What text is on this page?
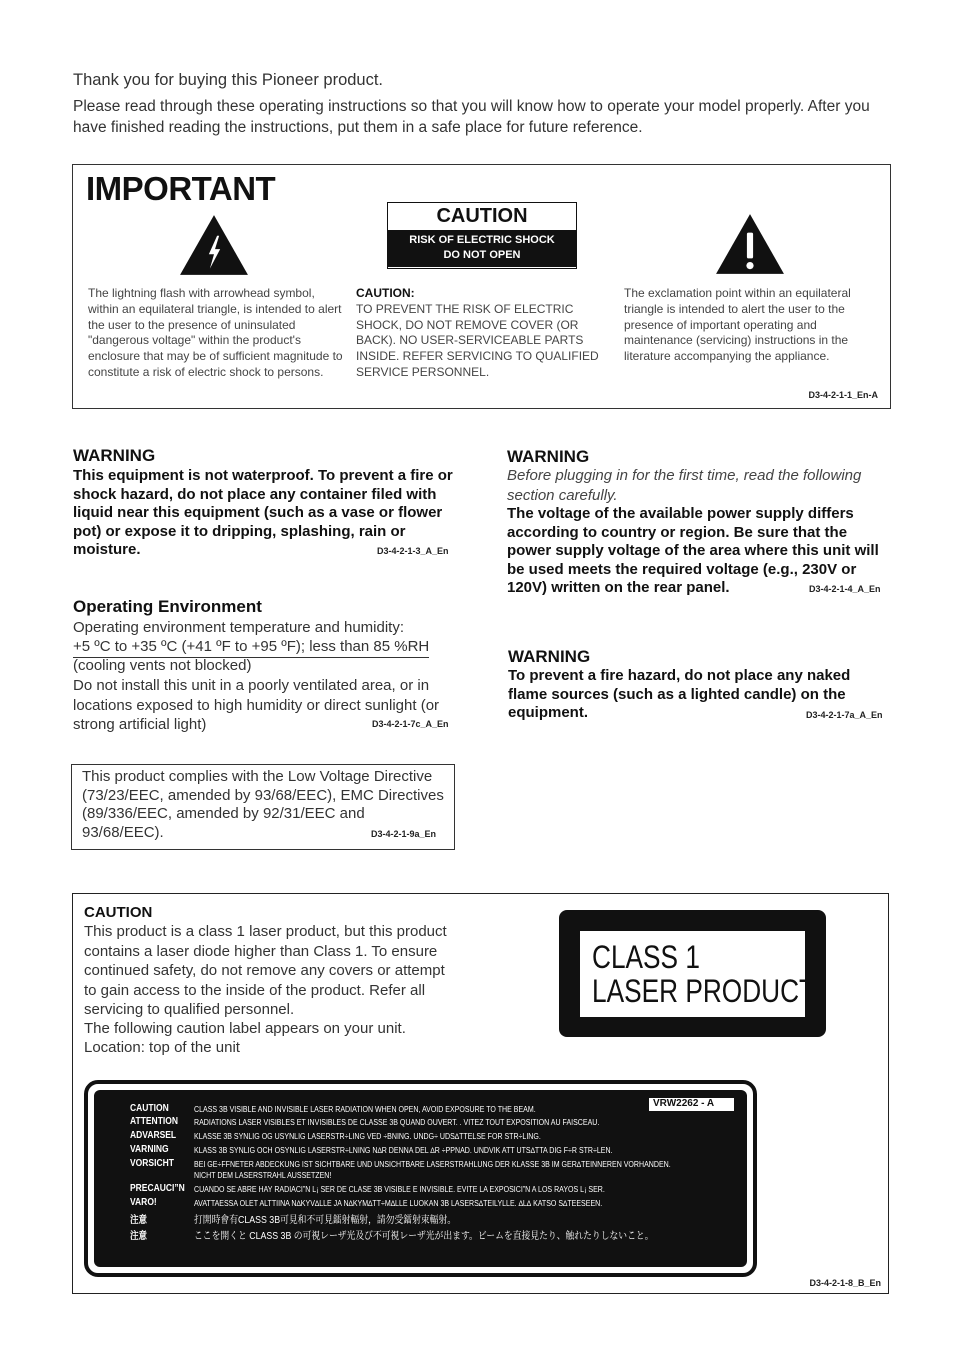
Thank you for buying this Pioneer product.
Please read through these operating instructions so that you will know how to operate your model properly. After you have finished reading the instructions, put them in a safe place for future reference.
IMPORTANT
CAUTION
RISK OF ELECTRIC SHOCK
DO NOT OPEN
The lightning flash with arrowhead symbol, within an equilateral triangle, is intended to alert the user to the presence of uninsulated "dangerous voltage" within the product's enclosure that may be of sufficient magnitude to constitute a risk of electric shock to persons.
CAUTION:
TO PREVENT THE RISK OF ELECTRIC SHOCK, DO NOT REMOVE COVER (OR BACK). NO USER-SERVICEABLE PARTS INSIDE. REFER SERVICING TO QUALIFIED SERVICE PERSONNEL.
The exclamation point within an equilateral triangle is intended to alert the user to the presence of important operating and maintenance (servicing) instructions in the literature accompanying the appliance.
D3-4-2-1-1_En-A
WARNING
This equipment is not waterproof. To prevent a fire or shock hazard, do not place any container filed with liquid near this equipment (such as a vase or flower pot) or expose it to dripping, splashing, rain or moisture.	D3-4-2-1-3_A_En
Operating Environment
Operating environment temperature and humidity:
+5 ºC to +35 ºC (+41 ºF to +95 ºF); less than 85 %RH
(cooling vents not blocked)
Do not install this unit in a poorly ventilated area, or in locations exposed to high humidity or direct sunlight (or strong artificial light)	D3-4-2-1-7c_A_En
This product complies with the Low Voltage Directive (73/23/EEC, amended by 93/68/EEC), EMC Directives (89/336/EEC, amended by 92/31/EEC and 93/68/EEC).	D3-4-2-1-9a_En
WARNING
Before plugging in for the first time, read the following section carefully.
The voltage of the available power supply differs according to country or region. Be sure that the power supply voltage of the area where this unit will be used meets the required voltage (e.g., 230V or 120V) written on the rear panel.	D3-4-2-1-4_A_En
WARNING
To prevent a fire hazard, do not place any naked flame sources (such as a lighted candle) on the equipment.	D3-4-2-1-7a_A_En
CAUTION
This product is a class 1 laser product, but this product contains a laser diode higher than Class 1. To ensure continued safety, do not remove any covers or attempt to gain access to the inside of the product. Refer all servicing to qualified personnel.
The following caution label appears on your unit.
Location: top of the unit
CLASS 1
LASER PRODUCT
VRW2262 - A
CAUTION	CLASS 3B VISIBLE AND INVISIBLE LASER RADIATION WHEN OPEN, AVOID EXPOSURE TO THE BEAM.
ATTENTION RADIATIONS LASER VISIBLES ET INVISIBLES DE CLASSE 3B QUAND OUVERT. . VITEZ TOUT EXPOSITION AU FAISCEAU.
ADVARSEL KLASSE 3B SYNLIG OG USYNLIG LASERSTR÷LING VED ÷BNING. UNDG÷ UDS∆TTELSE FOR STR÷LING.
VARNING	KLASS 3B SYNLIG OCH OSYNLIG LASERSTR÷LNING N∆R DENNA DEL ∆R ÷PPNAD. UNDVIK ATT UTS∆TTA DIG F÷R STR÷LEN.
VORSICHT	BEI GE÷FFNETER ABDECKUNG IST SICHTBARE UND UNSICHTBARE LASERSTRAHLUNG DER KLASSE 3B IM GER∆TEINNEREN VORHANDEN.
NICHT DEM LASERSTRAHL AUSSETZEN!
PRECAUCI”N CUANDO SE ABRE HAY RADIACI”N L¡ SER DE CLASE 3B VISIBLE E INVISIBLE. EVITE LA EXPOSICI”N A LOS RAYOS L¡ SER.
VARO!	AVATTAESSA OLET ALTTIINA N∆KYV∆LLE JA N∆KYM∆TT÷M∆LLE LUOKAN 3B LASERS∆TEILYLLE. ∆L∆ KATSO S∆TEESEEN.
注意	打開時會有CLASS 3B可見和不可見鐳射輻射，請勿受鐳射束輻射。
注意	ここを開くと CLASS 3B の可視レーザ光及び不可視レーザ光が出ます。ビームを直接見たり、触れたりしないこと。
D3-4-2-1-8_B_En
